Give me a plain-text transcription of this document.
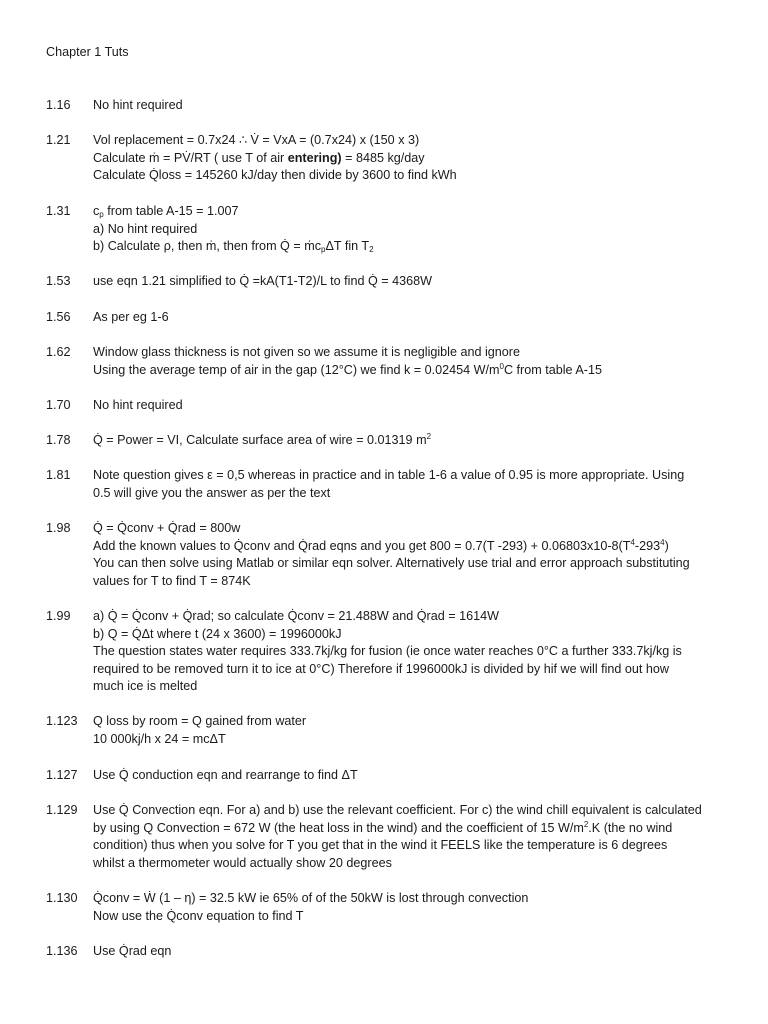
Chapter 1 Tuts
1.16	No hint required
1.21	Vol replacement = 0.7x24 ∴ V̇ = VxA = (0.7x24) x (150 x 3)
Calculate ṁ = PV̇/RT ( use T of air entering) = 8485 kg/day
Calculate Q̇loss = 145260 kJ/day then divide by 3600 to find kWh
1.31	$c_p$ from table A-15 = 1.007
a) No hint required
b) Calculate ρ, then ṁ, then from Q̇ = ṁc$_p$ΔT fin $T_2$
1.53	use eqn 1.21 simplified to Q̇ =kA(T1-T2)/L to find Q̇ = 4368W
1.56	As per eg 1-6
1.62	Window glass thickness is not given so we assume it is negligible and ignore
Using the average temp of air in the gap (12°C) we find k = 0.02454 $W/m^0C$ from table A-15
1.70	No hint required
1.78	Q̇ = Power = VI, Calculate surface area of wire = 0.01319 $m^2$
1.81	Note question gives ε = 0,5 whereas in practice and in table 1-6 a value of 0.95 is more appropriate. Using
0.5 will give you the answer as per the text
1.98	Q̇ = Q̇conv + Q̇rad = 800w
Add the known values to Q̇conv and Q̇rad eqns and you get 800 = 0.7(T $-293) + 0.06803x10-8(T^4-293^4)$
You can then solve using Matlab or similar eqn solver. Alternatively use trial and error approach substituting
values for T to find T = 874K
1.99	a) Q̇ = Q̇conv + Q̇rad; so calculate Q̇conv = 21.488W and Q̇rad = 1614W
b) Q = Q̇Δt where t (24 x 3600) = 1996000kJ
The question states water requires 333.7kj/kg for fusion (ie once water reaches 0°C a further 333.7kj/kg is
required to be removed turn it to ice at 0°C) Therefore if 1996000kJ is divided by hif we will find out how
much ice is melted
1.123	Q loss by room = Q gained from water
10 000kj/h x 24 = mcΔT
1.127	Use Q̇ conduction eqn and rearrange to find ΔT
1.129	Use Q̇ Convection eqn. For a) and b) use the relevant coefficient. For c) the wind chill equivalent is calculated
by using Q Convection = 672 W (the heat loss in the wind) and the coefficient of 15 $W/m^2.K$ (the no wind
condition) thus when you solve for T you get that in the wind it FEELS like the temperature is 6 degrees
whilst a thermometer would actually show 20 degrees
1.130	Q̇conv = Ẇ (1 – η) = 32.5 kW ie 65% of of the 50kW is lost through convection
Now use the Q̇conv equation to find T
1.136	Use Q̇rad eqn
